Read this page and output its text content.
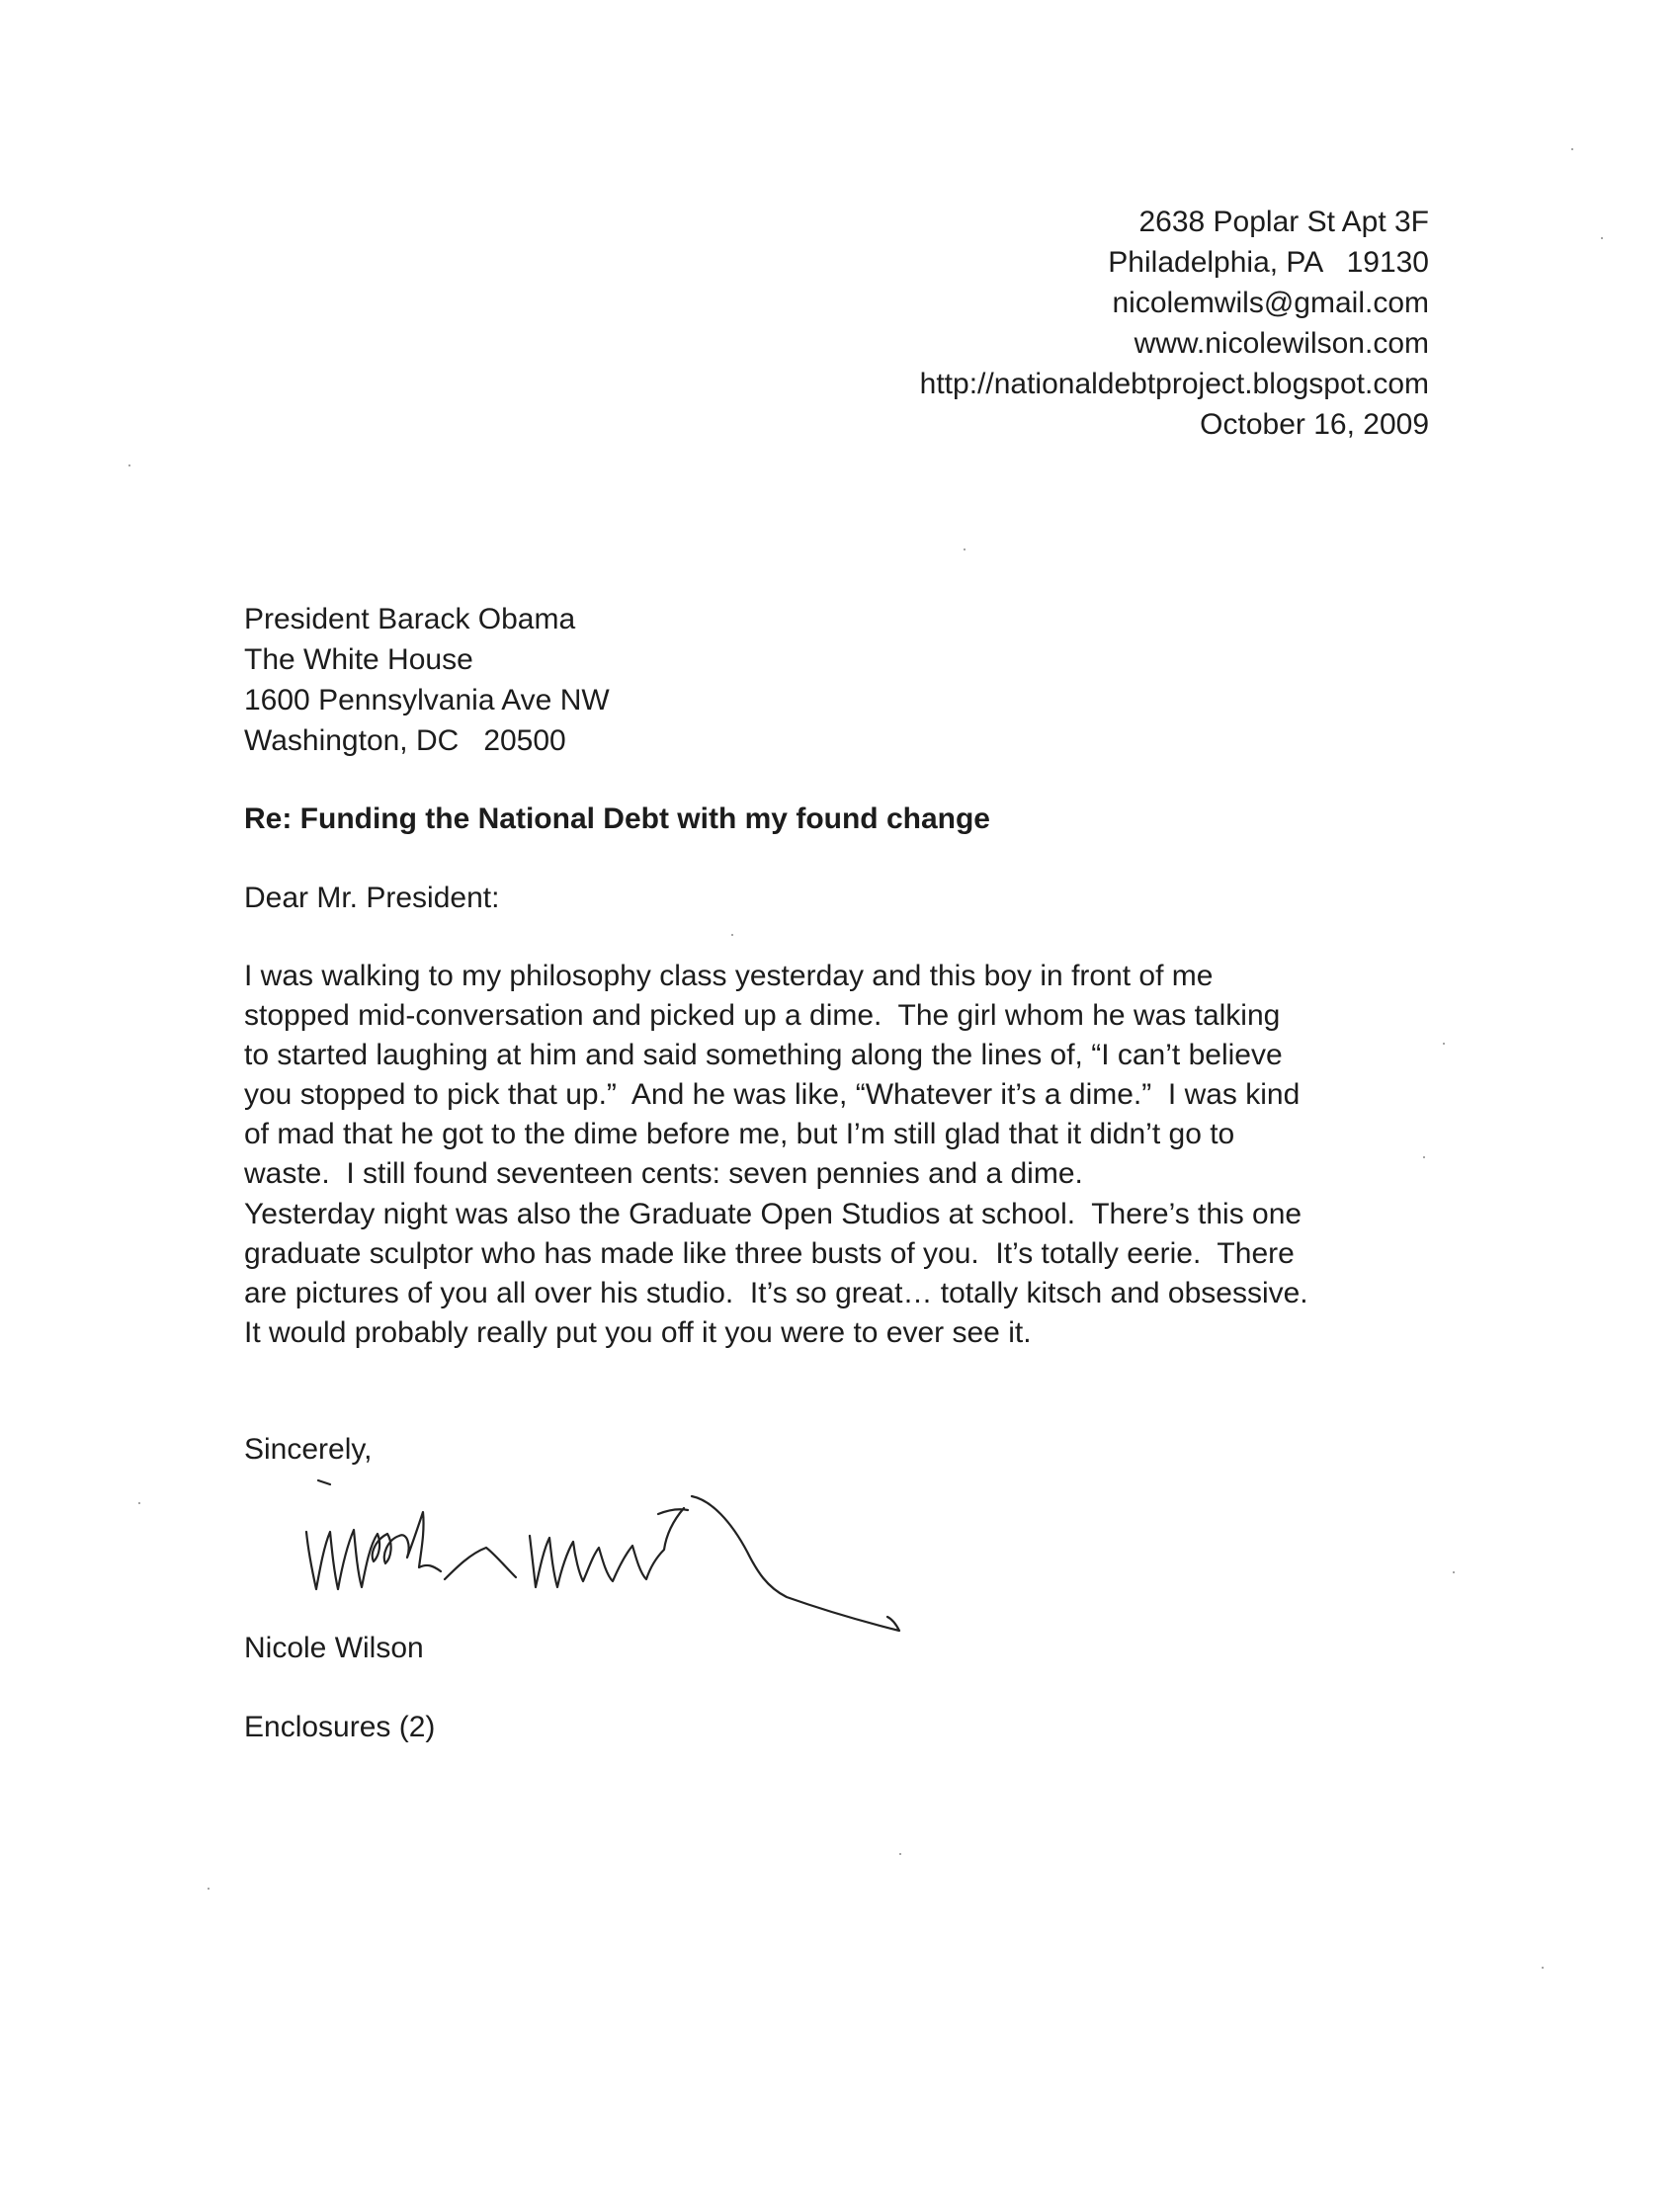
2638 Poplar St Apt 3F
Philadelphia, PA   19130
nicolemwils@gmail.com
www.nicolewilson.com
http://nationaldebtproject.blogspot.com
October 16, 2009
President Barack Obama
The White House
1600 Pennsylvania Ave NW
Washington, DC   20500
Re: Funding the National Debt with my found change
Dear Mr. President:
I was walking to my philosophy class yesterday and this boy in front of me
stopped mid-conversation and picked up a dime.  The girl whom he was talking
to started laughing at him and said something along the lines of, “I can’t believe
you stopped to pick that up.”  And he was like, “Whatever it’s a dime.”  I was kind
of mad that he got to the dime before me, but I’m still glad that it didn’t go to
waste.  I still found seventeen cents: seven pennies and a dime.
Yesterday night was also the Graduate Open Studios at school.  There’s this one
graduate sculptor who has made like three busts of you.  It’s totally eerie.  There
are pictures of you all over his studio.  It’s so great… totally kitsch and obsessive.
It would probably really put you off it you were to ever see it.
Sincerely,
Nicole Wilson
Enclosures (2)
